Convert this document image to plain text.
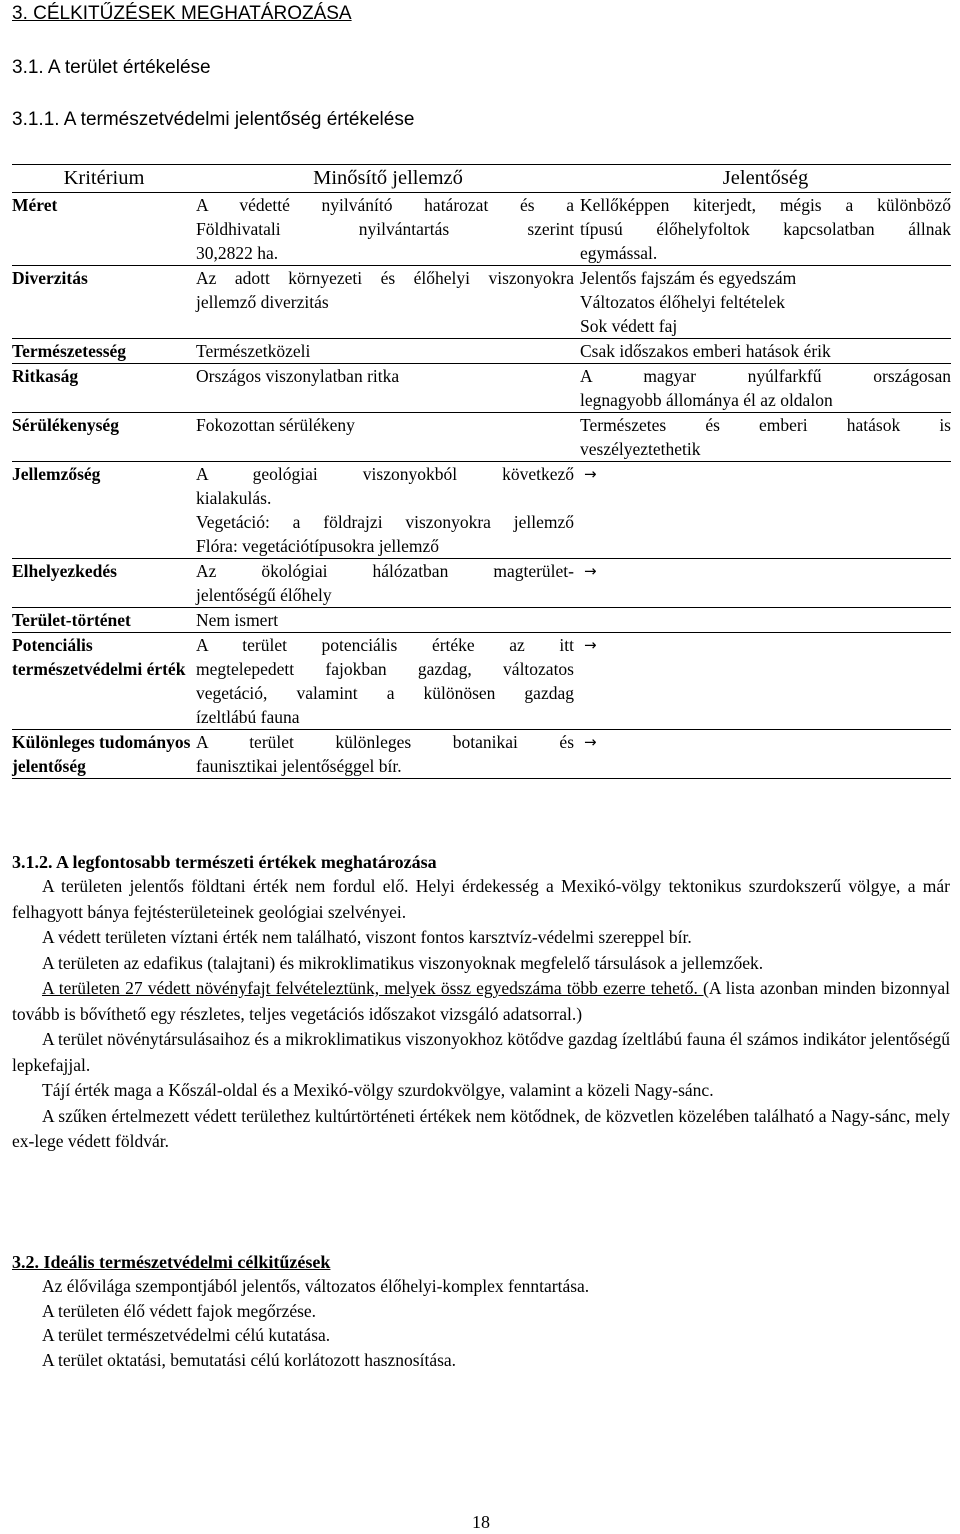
3. CÉLKITŰZÉSEK MEGHATÁROZÁSA
3.1. A terület értékelése
3.1.1. A természetvédelmi jelentőség értékelése
Kritérium	Minősítő jellemző	Jelentőség
Méret	A védetté nyilvánító határozat és a
Földhivatali nyilvántartás szerint
30,2822 ha.	Kellőképpen kiterjedt, mégis a különböző
típusú élőhelyfoltok kapcsolatban állnak
egymással.

Diverzitás	Az adott környezeti és élőhelyi viszonyokra
jellemző diverzitás	Jelentős fajszám és egyedszám
Változatos élőhelyi feltételek
Sok védett faj

Természetesség	Természetközeli	Csak időszakos emberi hatások érik

Ritkaság	Országos viszonylatban ritka	A magyar nyúlfarkfű országosan
legnagyobb állománya él az oldalon

Sérülékenység	Fokozottan sérülékeny	Természetes és emberi hatások is
veszélyeztethetik

Jellemzőség	A geológiai viszonyokból következő
kialakulás.
Vegetáció: a földrajzi viszonyokra jellemző
Flóra: vegetációtípusokra jellemző	→

Elhelyezkedés	Az ökológiai hálózatban magterület-
jelentőségű élőhely	→

Terület-történet	Nem ismert	

Potenciális természetvédelmi érték	A terület potenciális értéke az itt
megtelepedett fajokban gazdag, változatos
vegetáció, valamint a különösen gazdag
ízeltlábú fauna	→

Különleges tudományos jelentőség	A terület különleges botanikai és
faunisztikai jelentőséggel bír.	→
3.1.2. A legfontosabb természeti értékek meghatározása

A területen jelentős földtani érték nem fordul elő. Helyi érdekesség a Mexikó-völgy tektonikus szurdokszerű völgye, a már felhagyott bánya fejtésterületeinek geológiai szelvényei.

A védett területen víztani érték nem található, viszont fontos karsztvíz-védelmi szereppel bír.

A területen az edafikus (talajtani) és mikroklimatikus viszonyoknak megfelelő társulások a jellemzőek.

A területen 27 védett növényfajt felvételeztünk, melyek össz egyedszáma több ezerre tehető. (A lista azonban minden bizonnyal tovább is bővíthető egy részletes, teljes vegetációs időszakot vizsgáló adatsorral.)

A terület növénytársulásaihoz és a mikroklimatikus viszonyokhoz kötődve gazdag ízeltlábú fauna él számos indikátor jelentőségű lepkefajjal.

Tájí érték maga a Kőszál-oldal és a Mexikó-völgy szurdokvölgye, valamint a közeli Nagy-sánc.

A szűken értelmezett védett területhez kultúrtörténeti értékek nem kötődnek, de közvetlen közelében található a Nagy-sánc, mely ex-lege védett földvár.

3.2. Ideális természetvédelmi célkitűzések
Az élővilága szempontjából jelentős, változatos élőhelyi-komplex fenntartása.
A területen élő védett fajok megőrzése.
A terület természetvédelmi célú kutatása.
A terület oktatási, bemutatási célú korlátozott hasznosítása.
18
